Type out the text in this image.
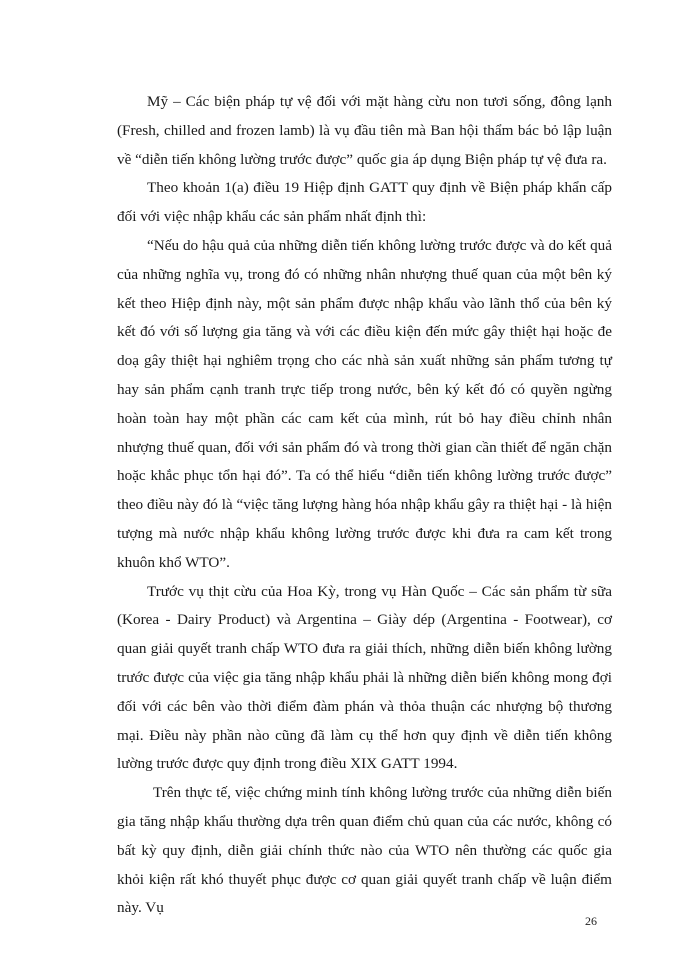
Mỹ – Các biện pháp tự vệ đối với mặt hàng cừu non tươi sống, đông lạnh (Fresh, chilled and frozen lamb) là vụ đầu tiên mà Ban hội thẩm bác bỏ lập luận về “diễn tiến không lường trước được” quốc gia áp dụng Biện pháp tự vệ đưa ra.

Theo khoản 1(a) điều 19 Hiệp định GATT quy định về Biện pháp khẩn cấp đối với việc nhập khẩu các sản phẩm nhất định thì:

“Nếu do hậu quả của những diễn tiến không lường trước được và do kết quả của những nghĩa vụ, trong đó có những nhân nhượng thuế quan của một bên ký kết theo Hiệp định này, một sản phẩm được nhập khẩu vào lãnh thổ của bên ký kết đó với số lượng gia tăng và với các điều kiện đến mức gây thiệt hại hoặc đe doạ gây thiệt hại nghiêm trọng cho các nhà sản xuất những sản phẩm tương tự hay sản phẩm cạnh tranh trực tiếp trong nước, bên ký kết đó có quyền ngừng hoàn toàn hay một phần các cam kết của mình, rút bỏ hay điều chỉnh nhân nhượng thuế quan, đối với sản phẩm đó và trong thời gian cần thiết để ngăn chặn hoặc khắc phục tổn hại đó”. Ta có thể hiểu “diễn tiến không lường trước được” theo điều này đó là “việc tăng lượng hàng hóa nhập khẩu gây ra thiệt hại - là hiện tượng mà nước nhập khẩu không lường trước được khi đưa ra cam kết trong khuôn khổ WTO”.

Trước vụ thịt cừu của Hoa Kỳ, trong vụ Hàn Quốc – Các sản phẩm từ sữa (Korea - Dairy Product) và Argentina – Giày dép (Argentina - Footwear), cơ quan giải quyết tranh chấp WTO đưa ra giải thích, những diễn biến không lường trước được của việc gia tăng nhập khẩu phải là những diễn biến không mong đợi đối với các bên vào thời điểm đàm phán và thỏa thuận các nhượng bộ thương mại. Điều này phần nào cũng đã làm cụ thể hơn quy định về diễn tiến không lường trước được quy định trong điều XIX GATT 1994.

Trên thực tế, việc chứng minh tính không lường trước của những diễn biến gia tăng nhập khẩu thường dựa trên quan điểm chủ quan của các nước, không có bất kỳ quy định, diễn giải chính thức nào của WTO nên thường các quốc gia khỏi kiện rất khó thuyết phục được cơ quan giải quyết tranh chấp về luận điểm này. Vụ

26
